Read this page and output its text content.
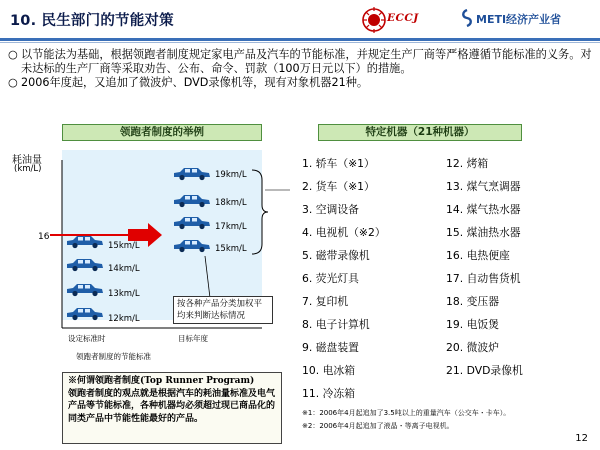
10. 民生部门的节能对策	ECCJ	METI经济产业省

○ 以节能法为基础，根据领跑者制度规定家电产品及汽车的节能标准，并规定生产厂商等严格遵循节能标准的义务。对未达标的生产厂商等采取劝告、公布、命令、罚款（100万日元以下）的措施。

○ 2006年度起，又追加了微波炉、DVD录像机等，现有对象机器21种。

领跑者制度的举例
耗油量
(km/L)
16
15km/L
14km/L
13km/L
12km/L
19km/L
18km/L
17km/L
15km/L
按各种产品分类加权平均来判断达标情况
设定标准时	目标年度
领跑者制度的节能标准
特定机器（21种机器）
1. 轿车（※1）
2. 货车（※1）
3. 空调设备
4. 电视机（※2）
5. 磁带录像机
6. 荧光灯具
7. 复印机
8. 电子计算机
9. 磁盘装置
10. 电冰箱
11. 冷冻箱
12. 烤箱
13. 煤气烹调器
14. 煤气热水器
15. 煤油热水器
16. 电热便座
17. 自动售货机
18. 变压器
19. 电饭煲
20. 微波炉
21. DVD录像机
※1：2006年4月起追加了3.5吨以上的重量汽车（公交车・卡车）。
※2：2006年4月起追加了液晶・等离子电视机。
※何谓领跑者制度(Top Runner Program)
领跑者制度的观点就是根据汽车的耗油量标准及电气产品等节能标准，各种机器均必须超过现已商品化的同类产品中节能性能最好的产品。
12
